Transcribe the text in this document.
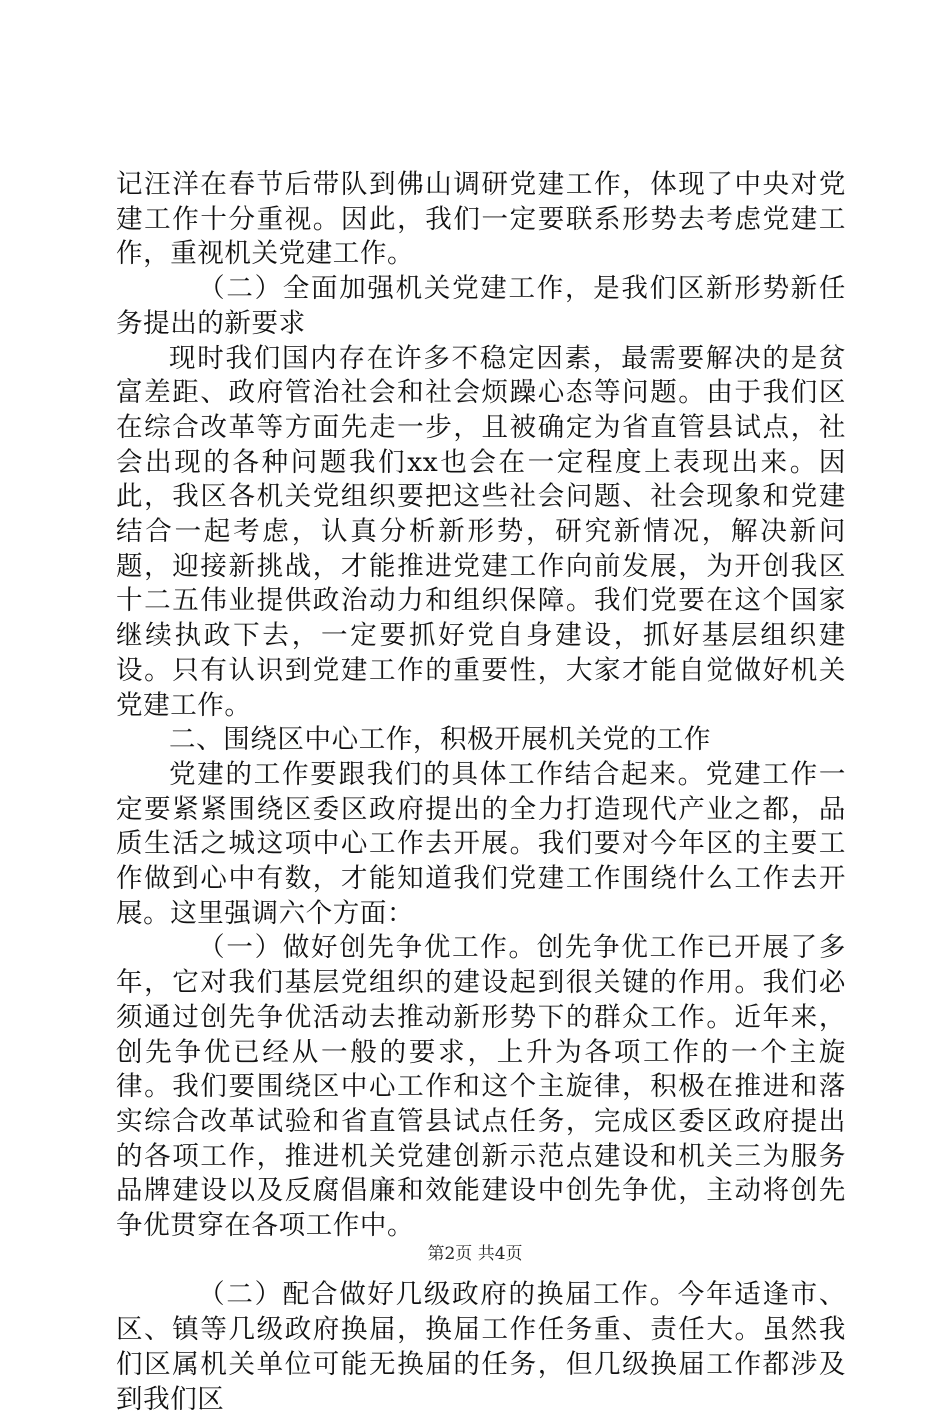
记汪洋在春节后带队到佛山调研党建工作，体现了中央对党建工作十分重视。因此，我们一定要联系形势去考虑党建工作，重视机关党建工作。

（二）全面加强机关党建工作，是我们区新形势新任务提出的新要求

现时我们国内存在许多不稳定因素，最需要解决的是贫富差距、政府管治社会和社会烦躁心态等问题。由于我们区在综合改革等方面先走一步，且被确定为省直管县试点，社会出现的各种问题我们xx也会在一定程度上表现出来。因此，我区各机关党组织要把这些社会问题、社会现象和党建结合一起考虑，认真分析新形势，研究新情况，解决新问题，迎接新挑战，才能推进党建工作向前发展，为开创我区十二五伟业提供政治动力和组织保障。我们党要在这个国家继续执政下去，一定要抓好党自身建设，抓好基层组织建设。只有认识到党建工作的重要性，大家才能自觉做好机关党建工作。

二、围绕区中心工作，积极开展机关党的工作

党建的工作要跟我们的具体工作结合起来。党建工作一定要紧紧围绕区委区政府提出的全力打造现代产业之都，品质生活之城这项中心工作去开展。我们要对今年区的主要工作做到心中有数，才能知道我们党建工作围绕什么工作去开展。这里强调六个方面：

（一）做好创先争优工作。创先争优工作已开展了多年，它对我们基层党组织的建设起到很关键的作用。我们必须通过创先争优活动去推动新形势下的群众工作。近年来，创先争优已经从一般的要求，上升为各项工作的一个主旋律。我们要围绕区中心工作和这个主旋律，积极在推进和落实综合改革试验和省直管县试点任务，完成区委区政府提出的各项工作，推进机关党建创新示范点建设和机关三为服务品牌建设以及反腐倡廉和效能建设中创先争优，主动将创先争优贯穿在各项工作中。

（二）配合做好几级政府的换届工作。今年适逢市、区、镇等几级政府换届，换届工作任务重、责任大。虽然我们区属机关单位可能无换届的任务，但几级换届工作都涉及到我们区

第2页 共4页
